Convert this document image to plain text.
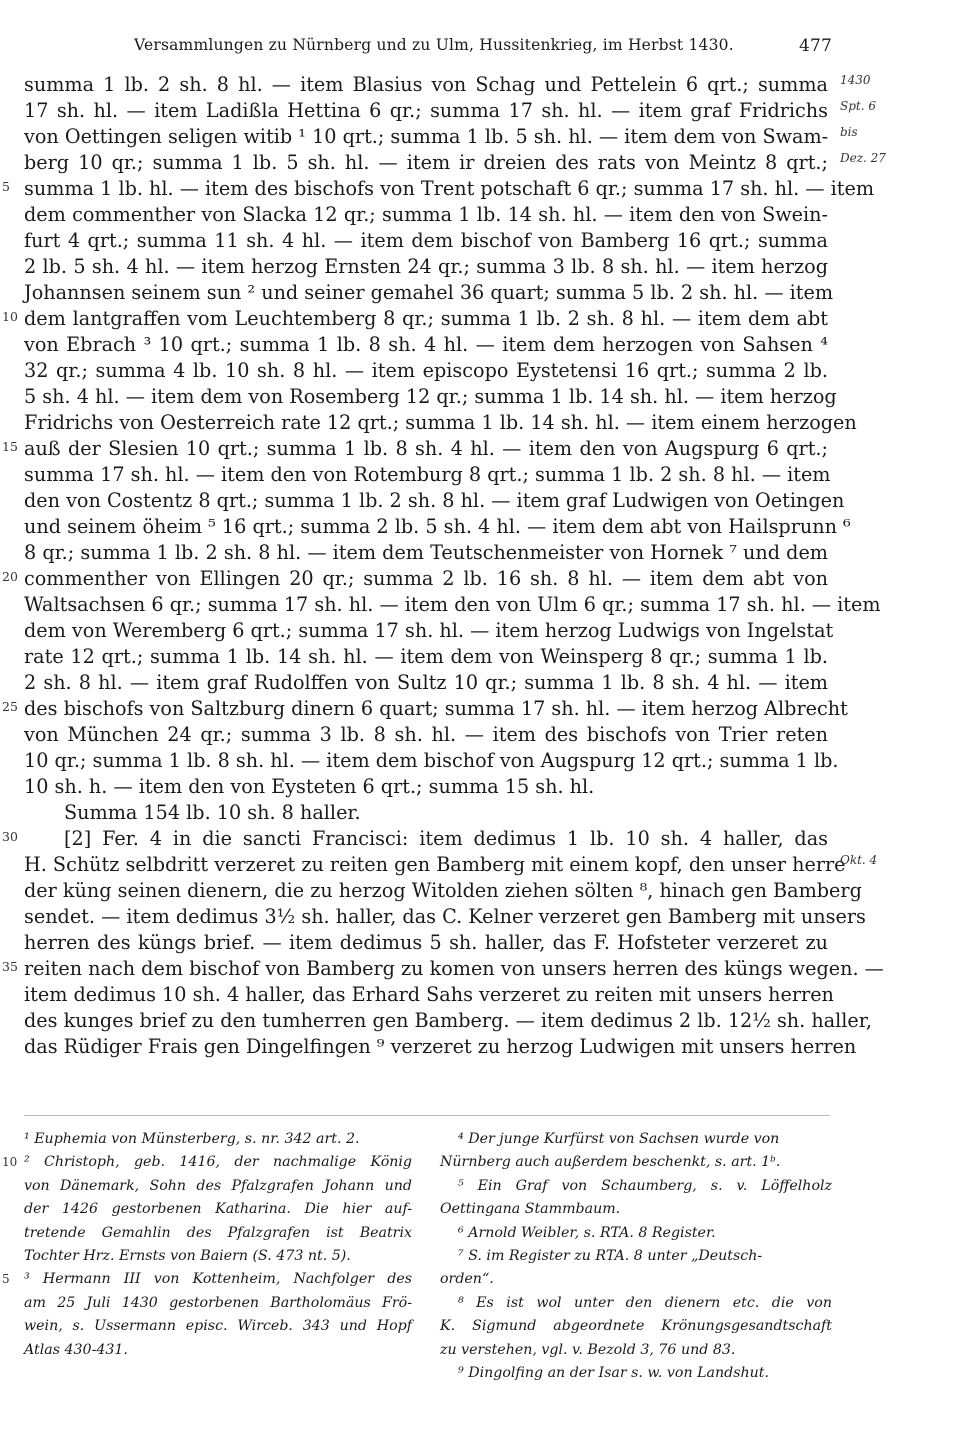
Versammlungen zu Nürnberg und zu Ulm, Hussitenkrieg, im Herbst 1430.	477
summa 1 lb. 2 sh. 8 hl. — item Blasius von Schag und Pettelein 6 qrt.; summa 1430
17 sh. hl. — item Ladißla Hettina 6 qr.; summa 17 sh. hl. — item graf Fridrichs Spt. 6
von Oettingen seligen witib ¹ 10 qrt.; summa 1 lb. 5 sh. hl. — item dem von Swam- bis
berg 10 qr.; summa 1 lb. 5 sh. hl. — item ir dreien des rats von Meintz 8 qrt.; Dez. 27
5 summa 1 lb. hl. — item des bischofs von Trent potschaft 6 qr.; summa 17 sh. hl. — item
dem commenther von Slacka 12 qr.; summa 1 lb. 14 sh. hl. — item den von Swein-
furt 4 qrt.; summa 11 sh. 4 hl. — item dem bischof von Bamberg 16 qrt.; summa
2 lb. 5 sh. 4 hl. — item herzog Ernsten 24 qr.; summa 3 lb. 8 sh. hl. — item herzog
Johannsen seinem sun ² und seiner gemahel 36 quart; summa 5 lb. 2 sh. hl. — item
10 dem lantgraffen vom Leuchtemberg 8 qr.; summa 1 lb. 2 sh. 8 hl. — item dem abt
von Ebrach ³ 10 qrt.; summa 1 lb. 8 sh. 4 hl. — item dem herzogen von Sahsen ⁴
32 qr.; summa 4 lb. 10 sh. 8 hl. — item episcopo Eystetensi 16 qrt.; summa 2 lb.
5 sh. 4 hl. — item dem von Rosemberg 12 qr.; summa 1 lb. 14 sh. hl. — item herzog
Fridrichs von Oesterreich rate 12 qrt.; summa 1 lb. 14 sh. hl. — item einem herzogen
15 auß der Slesien 10 qrt.; summa 1 lb. 8 sh. 4 hl. — item den von Augspurg 6 qrt.;
summa 17 sh. hl. — item den von Rotemburg 8 qrt.; summa 1 lb. 2 sh. 8 hl. — item
den von Costentz 8 qrt.; summa 1 lb. 2 sh. 8 hl. — item graf Ludwigen von Oetingen
und seinem öheim ⁵ 16 qrt.; summa 2 lb. 5 sh. 4 hl. — item dem abt von Hailsprunn ⁶
8 qr.; summa 1 lb. 2 sh. 8 hl. — item dem Teutschenmeister von Hornek ⁷ und dem
20 commenther von Ellingen 20 qr.; summa 2 lb. 16 sh. 8 hl. — item dem abt von
Waltsachsen 6 qr.; summa 17 sh. hl. — item den von Ulm 6 qr.; summa 17 sh. hl. — item
dem von Weremberg 6 qrt.; summa 17 sh. hl. — item herzog Ludwigs von Ingelstat
rate 12 qrt.; summa 1 lb. 14 sh. hl. — item dem von Weinsperg 8 qr.; summa 1 lb.
2 sh. 8 hl. — item graf Rudolffen von Sultz 10 qr.; summa 1 lb. 8 sh. 4 hl. — item
25 des bischofs von Saltzburg dinern 6 quart; summa 17 sh. hl. — item herzog Albrecht
von München 24 qr.; summa 3 lb. 8 sh. hl. — item des bischofs von Trier reten
10 qr.; summa 1 lb. 8 sh. hl. — item dem bischof von Augspurg 12 qrt.; summa 1 lb.
10 sh. h. — item den von Eysteten 6 qrt.; summa 15 sh. hl.
Summa 154 lb. 10 sh. 8 haller.
30 [2] Fer. 4 in die sancti Francisci: item dedimus 1 lb. 10 sh. 4 haller, das
H. Schütz selbdritt verzeret zu reiten gen Bamberg mit einem kopf, den unser herre
Okt. 4
der küng seinen dienern, die zu herzog Witolden ziehen sölten ⁸, hinach gen Bamberg
sendet. — item dedimus 3½ sh. haller, das C. Kelner verzeret gen Bamberg mit unsers
herren des küngs brief. — item dedimus 5 sh. haller, das F. Hofsteter verzeret zu
35 reiten nach dem bischof von Bamberg zu komen von unsers herren des küngs wegen. —
item dedimus 10 sh. 4 haller, das Erhard Sahs verzeret zu reiten mit unsers herren
des kunges brief zu den tumherren gen Bamberg. — item dedimus 2 lb. 12½ sh. haller,
das Rüdiger Frais gen Dingelfingen ⁹ verzeret zu herzog Ludwigen mit unsers herren
¹ Euphemia von Münsterberg, s. nr. 342 art. 2.
² Christoph, geb. 1416, der nachmalige König
10
von Dänemark, Sohn des Pfalzgrafen Johann und
der 1426 gestorbenen Katharina. Die hier auf-
tretende Gemahlin des Pfalzgrafen ist Beatrix
Tochter Hrz. Ernsts von Baiern (S. 473 nt. 5).
³ Hermann III von Kottenheim, Nachfolger des
5
am 25 Juli 1430 gestorbenen Bartholomäus Frö-
wein, s. Ussermann episc. Wirceb. 343 und Hopf
Atlas 430-431.
⁴ Der junge Kurfürst von Sachsen wurde von
Nürnberg auch außerdem beschenkt, s. art. 1ᵇ.
⁵ Ein Graf von Schaumberg, s. v. Löffelholz
Oettingana Stammbaum.
⁶ Arnold Weibler, s. RTA. 8 Register.
⁷ S. im Register zu RTA. 8 unter „Deutsch-
orden“.
⁸ Es ist wol unter den dienern etc. die von
K. Sigmund abgeordnete Krönungsgesandtschaft
zu verstehen, vgl. v. Bezold 3, 76 und 83.
⁹ Dingolfing an der Isar s. w. von Landshut.
